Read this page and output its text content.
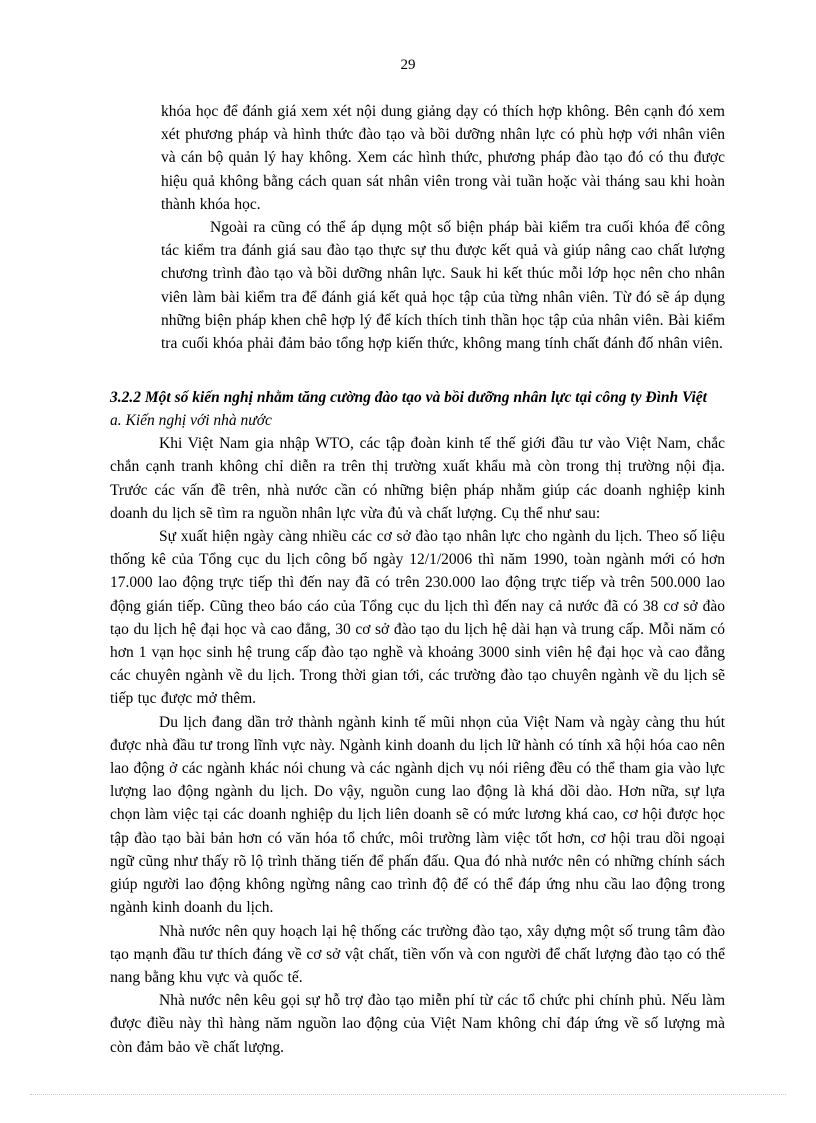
29

khóa học để đánh giá xem xét nội dung giảng dạy có thích hợp không. Bên cạnh đó xem xét phương pháp và hình thức đào tạo và bồi dưỡng nhân lực có phù hợp với nhân viên và cán bộ quản lý hay không. Xem các hình thức, phương pháp đào tạo đó có thu được hiệu quả không bằng cách quan sát nhân viên trong vài tuần hoặc vài tháng sau khi hoàn thành khóa học.

Ngoài ra cũng có thể áp dụng một số biện pháp bài kiểm tra cuối khóa để công tác kiểm tra đánh giá sau đào tạo thực sự thu được kết quả và giúp nâng cao chất lượng chương trình đào tạo và bồi dưỡng nhân lực. Sauk hi kết thúc mỗi lớp học nên cho nhân viên làm bài kiểm tra để đánh giá kết quả học tập của từng nhân viên. Từ đó sẽ áp dụng những biện pháp khen chê hợp lý để kích thích tinh thần học tập của nhân viên. Bài kiểm tra cuối khóa phải đảm bảo tổng hợp kiến thức, không mang tính chất đánh đố nhân viên.

3.2.2 Một số kiến nghị nhằm tăng cường đào tạo và bồi dưỡng nhân lực tại công ty Đình Việt
a. Kiến nghị với nhà nước

Khi Việt Nam gia nhập WTO, các tập đoàn kinh tế thế giới đầu tư vào Việt Nam, chắc chắn cạnh tranh không chỉ diễn ra trên thị trường xuất khẩu mà còn trong thị trường nội địa. Trước các vấn đề trên, nhà nước cần có những biện pháp nhằm giúp các doanh nghiệp kinh doanh du lịch sẽ tìm ra nguồn nhân lực vừa đủ và chất lượng. Cụ thể như sau:

Sự xuất hiện ngày càng nhiều các cơ sở đào tạo nhân lực cho ngành du lịch. Theo số liệu thống kê của Tổng cục du lịch công bố ngày 12/1/2006 thì năm 1990, toàn ngành mới có hơn 17.000 lao động trực tiếp thì đến nay đã có trên 230.000 lao động trực tiếp và trên 500.000 lao động gián tiếp. Cũng theo báo cáo của Tổng cục du lịch thì đến nay cả nước đã có 38 cơ sở đào tạo du lịch hệ đại học và cao đẳng, 30 cơ sở đào tạo du lịch hệ dài hạn và trung cấp. Mỗi năm có hơn 1 vạn học sinh hệ trung cấp đào tạo nghề và khoảng 3000 sinh viên hệ đại học và cao đẳng các chuyên ngành về du lịch. Trong thời gian tới, các trường đào tạo chuyên ngành về du lịch sẽ tiếp tục được mở thêm.

Du lịch đang dần trở thành ngành kinh tế mũi nhọn của Việt Nam và ngày càng thu hút được nhà đầu tư trong lĩnh vực này. Ngành kinh doanh du lịch lữ hành có tính xã hội hóa cao nên lao động ở các ngành khác nói chung và các ngành dịch vụ nói riêng đều có thể tham gia vào lực lượng lao động ngành du lịch. Do vậy, nguồn cung lao động là khá dồi dào. Hơn nữa, sự lựa chọn làm việc tại các doanh nghiệp du lịch liên doanh sẽ có mức lương khá cao, cơ hội được học tập đào tạo bài bản hơn có văn hóa tổ chức, môi trường làm việc tốt hơn, cơ hội trau dồi ngoại ngữ cũng như thấy rõ lộ trình thăng tiến để phấn đấu. Qua đó nhà nước nên có những chính sách giúp người lao động không ngừng nâng cao trình độ để có thể đáp ứng nhu cầu lao động trong ngành kinh doanh du lịch.

Nhà nước nên quy hoạch lại hệ thống các trường đào tạo, xây dựng một số trung tâm đào tạo mạnh đầu tư thích đáng về cơ sở vật chất, tiền vốn và con người để chất lượng đào tạo có thể nang bằng khu vực và quốc tế.

Nhà nước nên kêu gọi sự hỗ trợ đào tạo miễn phí từ các tổ chức phi chính phủ. Nếu làm được điều này thì hàng năm nguồn lao động của Việt Nam không chỉ đáp ứng về số lượng mà còn đảm bảo về chất lượng.
